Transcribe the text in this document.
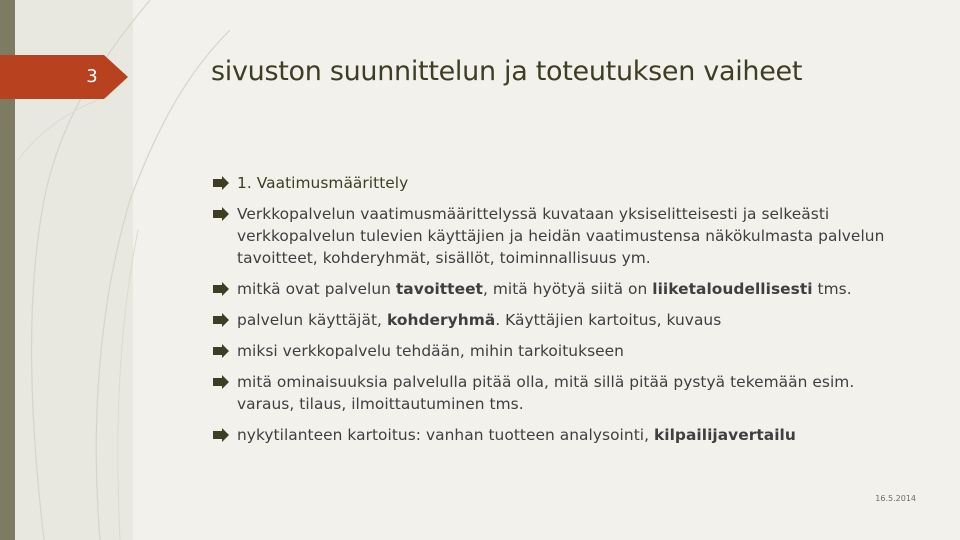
3	sivuston suunnittelun ja toteutuksen vaiheet
1. Vaatimusmäärittely
Verkkopalvelun vaatimusmäärittelyssä kuvataan yksiselitteisesti ja selkeästi verkkopalvelun tulevien käyttäjien ja heidän vaatimustensa näkökulmasta palvelun tavoitteet, kohderyhmät, sisällöt, toiminnallisuus ym.
mitkä ovat palvelun tavoitteet, mitä hyötyä siitä on liiketaloudellisesti tms.
palvelun käyttäjät, kohderyhmä. Käyttäjien kartoitus, kuvaus
miksi verkkopalvelu tehdään, mihin tarkoitukseen
mitä ominaisuuksia palvelulla pitää olla, mitä sillä pitää pystyä tekemään esim. varaus, tilaus, ilmoittautuminen tms.
nykytilanteen kartoitus: vanhan tuotteen analysointi, kilpailijavertailu
16.5.2014
